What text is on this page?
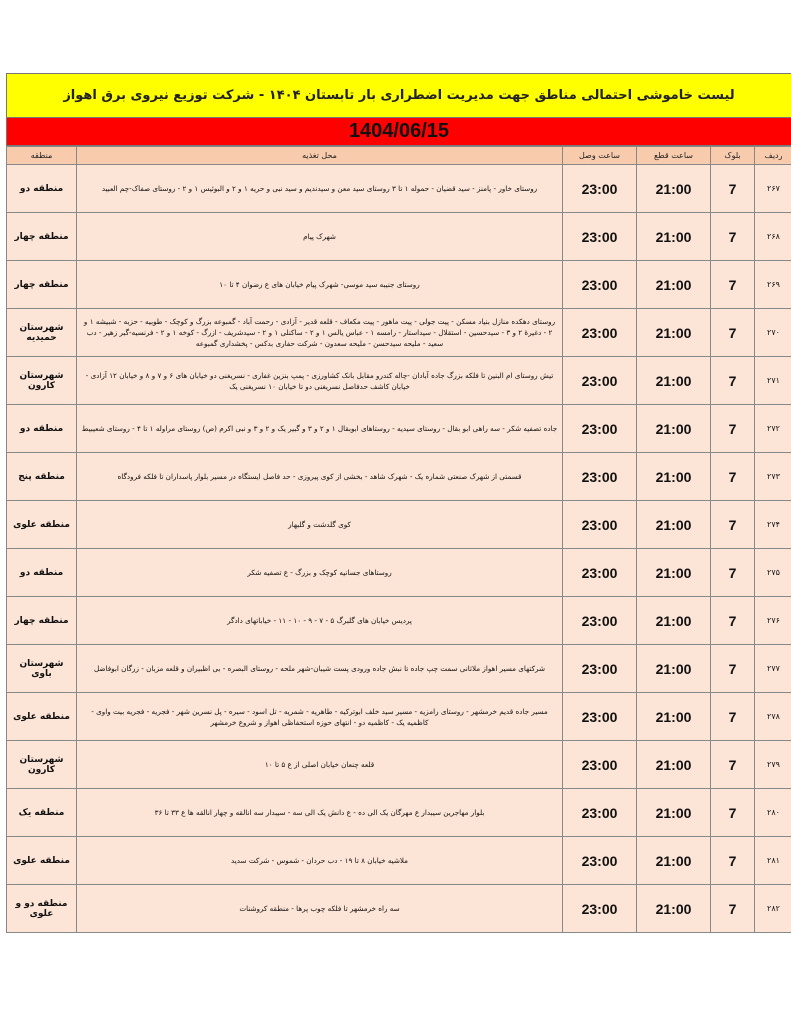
لیست خاموشی احتمالی مناطق جهت مدیریت اضطراری بار تابستان ۱۴۰۴ - شرکت توزیع نیروی برق اهواز
1404/06/15
ردیف	بلوک	ساعت قطع	ساعت وصل	محل تغذیه	منطقه
۲۶۷	7	21:00	23:00	روستای خاور - پامنز - سید قضیان - حموله ۱ تا ۳ روستای سید معن و سیدندیم و سید نبی و حریه ۱ و ۲ و البوئیس ۱ و ۲ - روستای صفاک-چم العبید	منطقه دو
۲۶۸	7	21:00	23:00	شهرک پیام	منطقه چهار
۲۶۹	7	21:00	23:00	روستای جنیبه سید موسی- شهرک پیام خیابان های ع رضوان ۴ تا ۱۰	منطقه چهار
۲۷۰	7	21:00	23:00	روستای دهکده منازل بنیاد مسکن - پیت جولی - پیت ماهور - پیت مکعاف - قلعه قدیر - آزادی - رحمت آباد - گمبوعه بزرگ و کوچک - طوبیه - حزبه - شبیشه ۱ و ۲ - دغیرۀ ۲ و ۳ - سیدحسین - استقلال - سیداستار - رامسه ۱ - عباس یالس ۱ و ۲ - ساکنلی ۱ و ۲ - سیدشریف - ازرگ - کوخه ۱ و ۲ - فرنسیه-گبر زهیر - دب سعید - ملیحه سیدحسن - ملیحه سعدون - شرکت حفاری بدکس - پخشداری گمبوعه	شهرستان حمیدیه
۲۷۱	7	21:00	23:00	تیش روستای ام البنین تا فلکه بزرگ جاده آبادان -چاله کندرو مقابل بانک کشاورزی - پمپ بنزین غفاری - نسریغنی دو خیابان های ۶ و ۷ و ۸ و خیابان ۱۲ آزادی - خیابان کاشف حدفاصل نسریغنی دو تا خیابان ۱۰ نسریغنی یک	شهرستان کارون
۲۷۲	7	21:00	23:00	جاده تصفیه شکر - سه راهی ابو بقال - روستای سیدیه - روستاهای ابوبقال ۱ و ۲ و ۳ و گبیر یک و ۲ و ۳ و نبی اکرم (ص) روستای مراوله ۱ تا ۴ - روستای شعیبیط	منطقه دو
۲۷۳	7	21:00	23:00	قسمتی از شهرک صنعتی شماره یک - شهرک شاهد - بخشی از کوی پیروزی - حد فاصل ایستگاه در مسیر بلوار پاسداران تا فلکه فرودگاه	منطقه پنج
۲۷۴	7	21:00	23:00	کوی گلدشت و گلبهار	منطقه علوی
۲۷۵	7	21:00	23:00	روستاهای جسانیه کوچک و بزرگ - ع تصفیه شکر	منطقه دو
۲۷۶	7	21:00	23:00	پردیس خیابان های گلبرگ ۵ - ۷ - ۹ - ۱۰ - ۱۱ - خیاباتهای دادگر	منطقه چهار
۲۷۷	7	21:00	23:00	شرکتهای مسیر اهواز ملاثانی سمت چپ جاده تا نبش جاده ورودی پست شیبان-شهر ملحه - روستای البصره - بی اظبیران و قلعه مزبان - زرگان ابوفاضل	شهرستان باوی
۲۷۸	7	21:00	23:00	مسیر جاده قدیم خرمشهر - روستای رامزیه - مسیر سید خلف ابوترکیه - طاهریه - شمریه - تل اسود - سیره - پل نسرین شهر - فجریه - فجریه بیت واوی - کاظمیه یک - کاظمیه دو - انتهای حوزه استحفاظی اهواز و شروع خرمشهر	منطقه علوی
۲۷۹	7	21:00	23:00	قلعه چنعان خیابان اصلی از ع ۵ تا ۱۰	شهرستان کارون
۲۸۰	7	21:00	23:00	بلوار مهاجرین سیبدار ع مهرگان یک الی ده - ع دانش یک الی سه - سیبدار سه انالقه و چهار انالقه ها ع ۳۳ تا ۳۶	منطقه یک
۲۸۱	7	21:00	23:00	ملاشیه خیابان ۸ تا ۱۹ - دب حردان - شموس - شرکت سدید	منطقه علوی
۲۸۲	7	21:00	23:00	سه راه خرمشهر تا فلکه چوب پرها - منطقه کروشنات	منطقه دو و علوی
